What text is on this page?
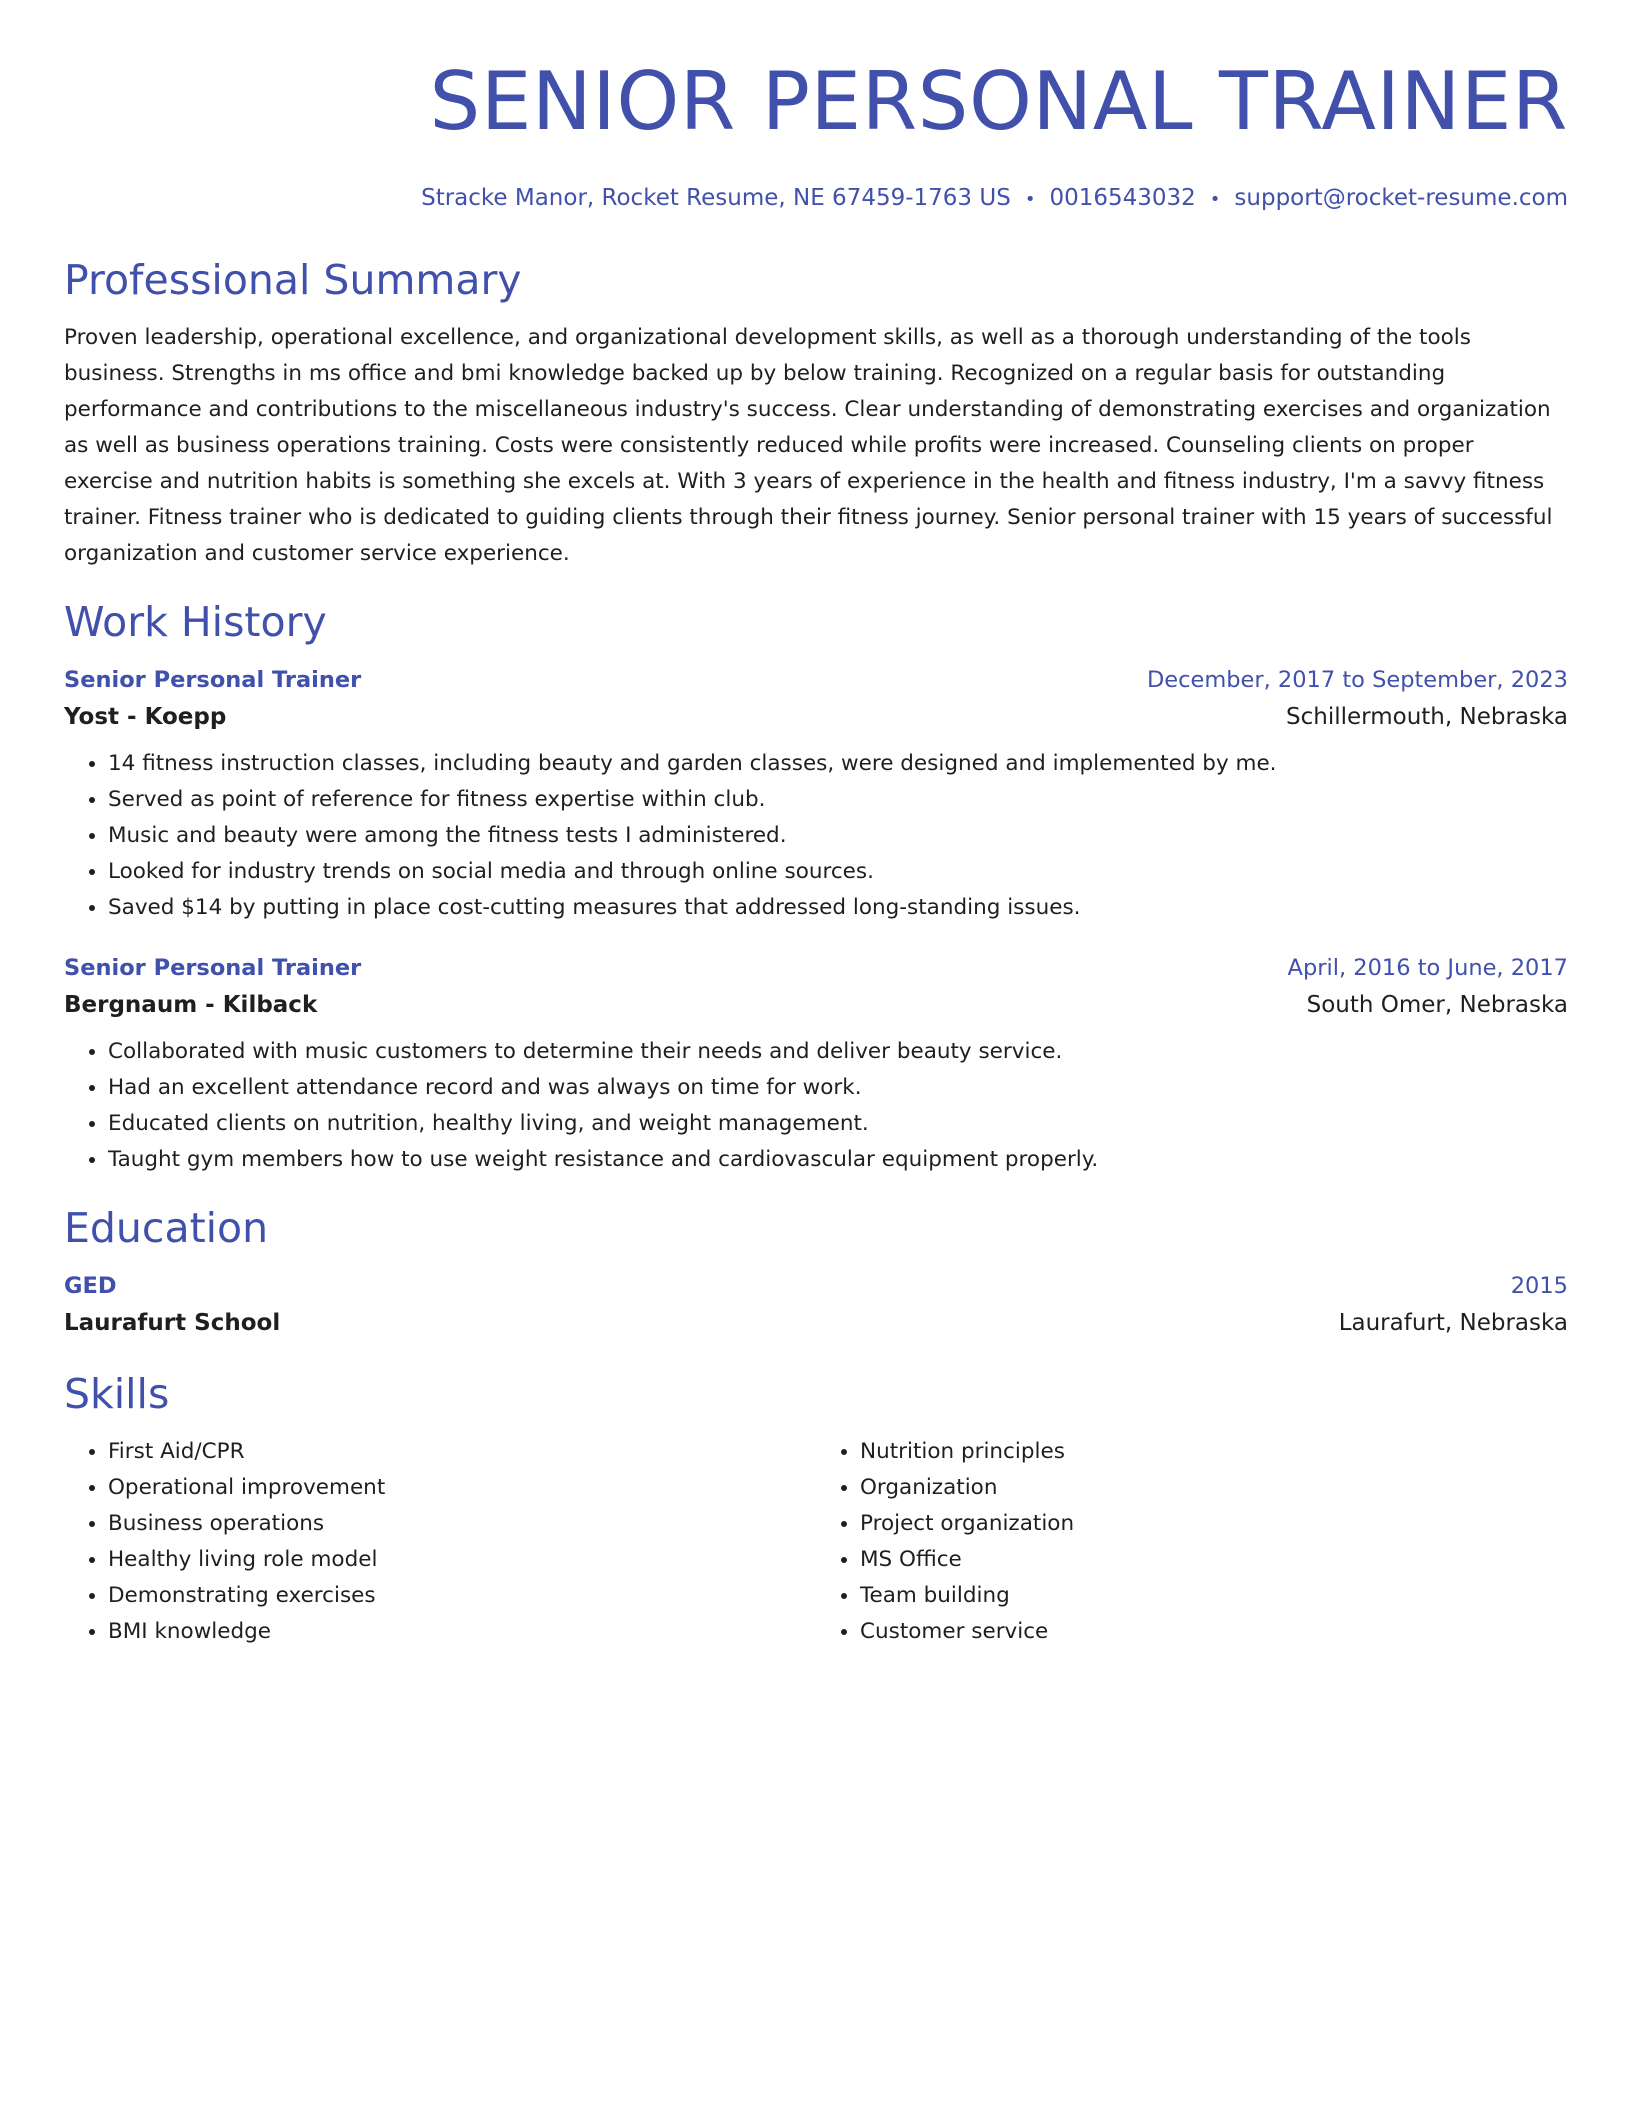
SENIOR PERSONAL TRAINER
Stracke Manor, Rocket Resume, NE 67459-1763 US • 0016543032 • support@rocket-resume.com
Professional Summary
Proven leadership, operational excellence, and organizational development skills, as well as a thorough understanding of the tools business. Strengths in ms office and bmi knowledge backed up by below training. Recognized on a regular basis for outstanding performance and contributions to the miscellaneous industry's success. Clear understanding of demonstrating exercises and organization as well as business operations training. Costs were consistently reduced while profits were increased. Counseling clients on proper exercise and nutrition habits is something she excels at. With 3 years of experience in the health and fitness industry, I'm a savvy fitness trainer. Fitness trainer who is dedicated to guiding clients through their fitness journey. Senior personal trainer with 15 years of successful organization and customer service experience.
Work History
Senior Personal Trainer	December, 2017 to September, 2023
Yost - Koepp	Schillermouth, Nebraska
• 14 fitness instruction classes, including beauty and garden classes, were designed and implemented by me.
• Served as point of reference for fitness expertise within club.
• Music and beauty were among the fitness tests I administered.
• Looked for industry trends on social media and through online sources.
• Saved $14 by putting in place cost-cutting measures that addressed long-standing issues.
Senior Personal Trainer	April, 2016 to June, 2017
Bergnaum - Kilback	South Omer, Nebraska
• Collaborated with music customers to determine their needs and deliver beauty service.
• Had an excellent attendance record and was always on time for work.
• Educated clients on nutrition, healthy living, and weight management.
• Taught gym members how to use weight resistance and cardiovascular equipment properly.
Education
GED	2015
Laurafurt School	Laurafurt, Nebraska
Skills
• First Aid/CPR
• Operational improvement
• Business operations
• Healthy living role model
• Demonstrating exercises
• BMI knowledge
• Nutrition principles
• Organization
• Project organization
• MS Office
• Team building
• Customer service
